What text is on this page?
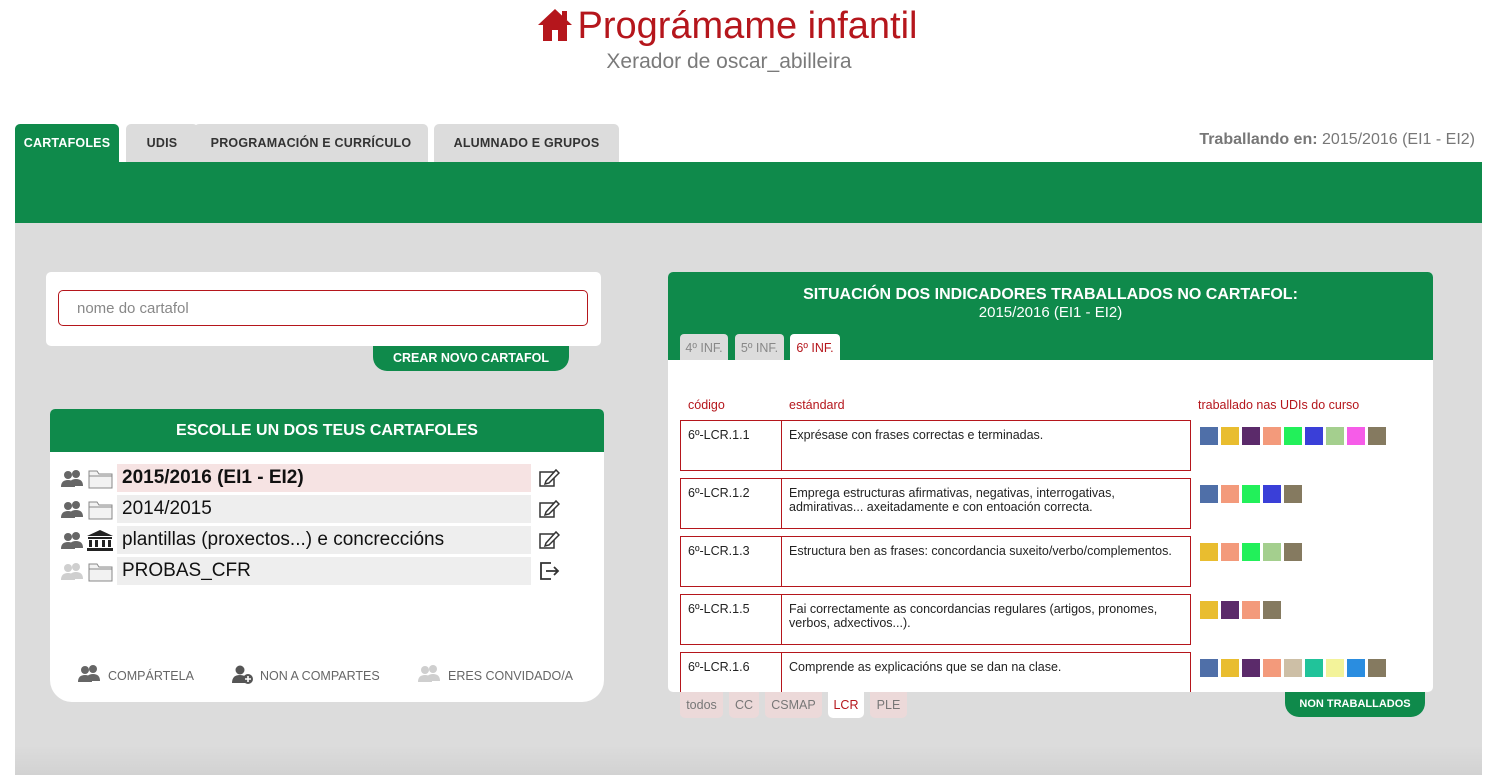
Prográmame infantil
Xerador de oscar_abilleira
CARTAFOLES	UDIS	PROGRAMACIÓN E CURRÍCULO	ALUMNADO E GRUPOS	Traballando en: 2015/2016 (EI1 - EI2)
nome do cartafol
CREAR NOVO CARTAFOL
ESCOLLE UN DOS TEUS CARTAFOLES
2015/2016 (EI1 - EI2)
2014/2015
plantillas (proxectos...) e concreccións
PROBAS_CFR
COMPÁRTELA	NON A COMPARTES	ERES CONVIDADO/A
SITUACIÓN DOS INDICADORES TRABALLADOS NO CARTAFOL:
2015/2016 (EI1 - EI2)
4º INF.	5º INF.	6º INF.
código	estándard	traballado nas UDIs do curso
6º-LCR.1.1	Exprésase con frases correctas e terminadas.
6º-LCR.1.2	Emprega estructuras afirmativas, negativas, interrogativas, admirativas... axeitadamente e con entoación correcta.
6º-LCR.1.3	Estructura ben as frases: concordancia suxeito/verbo/complementos.
6º-LCR.1.5	Fai correctamente as concordancias regulares (artigos, pronomes, verbos, adxectivos...).
6º-LCR.1.6	Comprende as explicacións que se dan na clase.
todos	CC	CSMAP	LCR	PLE	NON TRABALLADOS
